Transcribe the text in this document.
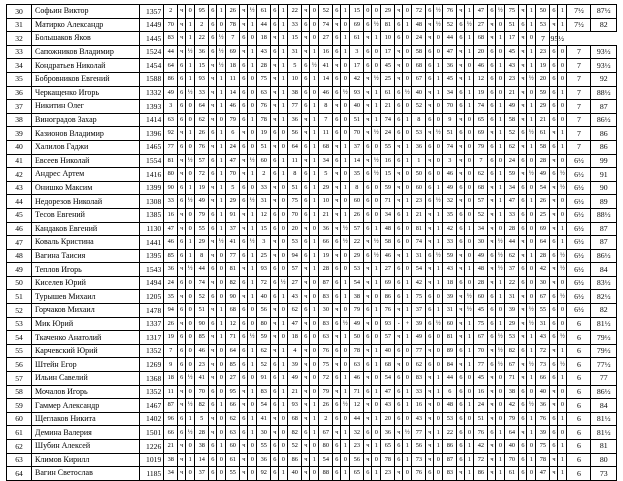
30	Софьин Виктор	1357	2	ч	0	95	6	1	26	ч	½	61	6	1	22	ч	0	52	6	1	15	0	0	29	ч	0	72	6	½	76	ч	1	47	6	½	75	ч	1	50	6	1	7½	87½
31	Матирко Александр	1449	70	ч	1	2	6	0	78	ч	1	44	6	1	33	6	0	74	ч	0	69	6	½	81	6	1	48	ч	½	52	6	½	27	ч	0	51	6	1	53	ч	1	7½	82
32	Большаков Яков	1445	83	ч	1	22	6	½	7	6	0	18	ч	1	15	ч	0	27	6	1	61	ч	1	10	6	0	24	ч	0	44	6	1	68	ч	1	17	ч	0	7	95½			
33	Сапожников Владимир	1524	44	ч	½	36	6	½	69	ч	1	43	6	1	31	ч	1	16	6	1	3	6	0	17	ч	0	58	6	0	47	ч	1	20	6	0	45	ч	1	23	6	0	7	93½
34	Кондратьев Николай	1454	64	6	1	15	ч	½	18	6	1	28	ч	1	5	6	½	41	ч	0	17	6	0	45	ч	0	68	6	1	36	ч	0	46	6	1	43	ч	1	19	6	0	7	93½
35	Бобровников Евгений	1588	86	6	1	93	ч	1	11	6	0	75	ч	1	10	6	1	14	6	0	42	ч	½	25	ч	0	67	6	1	45	ч	1	12	6	0	23	ч	½	20	6	0	7	92
36	Черкащенко Игорь	1332	49	6	½	33	ч	1	14	6	0	63	ч	1	38	6	0	46	6	½	93	ч	1	61	6	½	40	ч	1	34	6	1	19	6	0	21	ч	0	59	6	1	7	88½
37	Никитин Олег	1393	3	6	0	64	ч	1	46	6	0	76	ч	1	77	6	1	8	ч	0	40	ч	1	21	6	0	52	ч	0	70	6	1	74	6	1	49	ч	1	29	6	0	7	87
38	Виноградов Захар	1414	63	6	0	62	ч	0	79	6	1	78	ч	1	36	ч	1	7	6	0	51	ч	1	74	6	1	8	6	0	9	ч	0	65	6	1	58	ч	1	21	6	0	7	86½
39	Казионов Владимир	1396	92	ч	1	26	6	1	6	ч	0	19	6	0	56	ч	1	11	6	0	70	ч	½	24	6	0	53	ч	½	51	6	0	69	ч	1	52	6	½	61	ч	1	7	86
40	Халилов Гаджи	1465	77	6	0	76	ч	1	24	6	0	51	ч	0	64	6	1	68	ч	1	37	6	0	55	ч	1	36	6	0	74	ч	0	79	6	1	62	ч	1	58	6	1	7	86
41	Евсеев Николай	1554	81	ч	½	57	6	1	47	ч	½	60	6	1	11	ч	1	34	6	1	14	ч	½	16	6	1	1	ч	0	3	ч	0	7	6	0	24	6	0	28	ч	0	6½	99
42	Андрес Артем	1416	80	ч	0	72	6	1	70	ч	1	2	6	1	8	6	1	5	ч	0	35	6	½	15	ч	0	50	6	0	46	ч	0	62	6	1	59	ч	½	49	6	½	6½	91
43	Онишко Максим	1399	90	6	1	19	ч	1	5	6	0	33	ч	0	51	6	1	29	ч	1	8	6	0	59	ч	0	60	6	1	49	6	0	68	ч	1	34	6	0	54	ч	½	6½	90
44	Недорезов Николай	1308	33	6	½	49	ч	1	29	6	½	31	ч	0	75	6	1	10	ч	0	60	6	0	71	ч	1	23	6	½	32	ч	0	57	ч	1	47	6	1	26	ч	0	6½	89
45	Тесов Евгений	1385	16	ч	0	79	6	1	91	ч	1	12	6	0	70	6	1	21	ч	1	26	6	0	34	6	1	21	ч	1	35	6	0	52	ч	1	33	6	0	25	ч	0	6½	88½
46	Кандаков Евгений	1130	47	ч	0	55	6	1	37	ч	1	15	6	0	20	ч	0	36	ч	½	57	6	1	48	6	0	81	ч	1	42	6	1	34	ч	0	28	6	0	69	ч	1	6½	87
47	Коваль Кристина	1441	46	6	1	29	ч	½	41	6	½	3	ч	0	53	6	1	66	6	½	22	ч	½	58	6	0	74	ч	1	33	6	0	30	ч	½	44	ч	0	64	6	1	6½	87
48	Вагина Таисия	1395	85	6	1	8	ч	0	77	6	1	25	ч	0	94	6	1	19	ч	0	29	6	½	46	ч	1	31	6	½	59	ч	0	49	6	½	62	ч	1	28	6	½	6½	86½
49	Теплов Игорь	1543	36	ч	½	44	6	0	81	ч	1	93	6	0	57	ч	1	28	6	0	53	ч	1	27	6	0	54	ч	1	43	ч	1	48	ч	½	37	6	0	42	ч	½	6½	84
50	Киселев Юрий	1494	24	6	0	74	ч	0	82	6	1	72	6	½	27	ч	0	87	6	1	54	ч	1	69	6	1	42	ч	1	18	6	0	28	ч	1	22	6	0	30	ч	0	6½	83½
51	Турышев Михаил	1205	35	ч	0	52	6	0	90	ч	1	40	6	1	43	ч	0	83	6	1	38	ч	0	86	6	1	75	6	0	39	ч	½	60	6	1	31	ч	0	67	6	½	6½	82½
52	Горчаков Михаил	1478	94	6	0	51	ч	1	68	6	0	56	ч	0	62	6	1	30	ч	0	79	6	1	76	ч	1	37	6	1	31	ч	½	45	6	0	39	ч	½	55	6	0	6½	82
53	Мик Юрий	1337	26	ч	0	90	6	1	12	6	0	80	ч	1	47	ч	0	83	6	½	49	ч	0	93	-	+	39	6	½	60	ч	1	75	6	1	29	ч	½	31	6	0	6	81½
54	Ткаченко Анатолий	1317	19	6	0	85	ч	1	71	6	½	59	ч	0	18	6	0	63	ч	1	50	6	0	57	ч	1	49	6	0	81	ч	1	67	6	½	53	ч	1	43	6	½	6	79½
55	Карчевский Юрий	1352	7	6	0	46	ч	0	64	6	1	62	ч	1	4	ч	0	76	6	0	78	ч	1	40	6	0	77	ч	0	89	6	1	70	ч	½	82	6	1	72	ч	1	6	79½
56	Штейн Егор	1269	9	6	0	23	ч	0	85	6	1	52	6	1	39	ч	0	75	ч	0	63	6	1	68	ч	0	62	6	0	84	ч	1	77	6	½	67	ч	½	73	6	½	6	77½
57	Ильин Савелий	1368	18	6	½	41	ч	0	27	6	0	91	6	1	49	ч	0	72	6	1	46	ч	0	54	6	0	83	ч	1	44	6	0	45	ч	0	71	ч	1	66	6	1	6	77
58	Мочалов Игорь	1352	11	ч	0	70	6	0	95	ч	1	83	6	1	21	ч	0	79	ч	1	71	6	1	47	6	1	33	ч	1	6	6	0	16	ч	0	38	6	0	40	ч	0	6	86½
59	Гаммер Александр	1467	87	ч	½	82	6	1	66	ч	0	54	6	1	93	ч	1	26	6	½	12	ч	0	43	6	1	16	ч	0	48	6	1	24	ч	0	42	6	½	36	ч	0	6	84
60	Щеглаков Никита	1402	96	6	1	5	ч	0	62	6	1	41	ч	0	68	ч	1	2	6	0	44	ч	1	20	6	0	43	ч	0	53	6	0	51	ч	0	79	6	1	76	6	1	6	81½
61	Демина Валерия	1501	66	6	½	28	ч	0	63	6	1	30	ч	0	82	6	1	67	ч	1	32	6	0	36	ч	½	77	ч	1	22	6	0	76	6	1	64	ч	1	39	6	0	6	81½
62	Шубин Алексей	1226	21	ч	0	38	6	1	60	ч	0	55	6	0	52	ч	0	80	6	1	23	ч	1	65	6	1	56	ч	1	86	6	1	42	ч	0	40	6	0	75	6	1	6	81
63	Климов Кирилл	1019	38	ч	1	14	6	0	61	ч	0	36	6	0	86	ч	1	54	6	0	56	ч	0	78	6	1	73	ч	0	87	6	1	72	ч	1	70	6	1	78	ч	1	6	80
64	Вагин Светослав	1185	34	ч	0	37	6	0	55	ч	0	92	6	1	40	ч	0	88	6	1	65	6	1	23	ч	0	76	6	0	83	ч	1	86	ч	1	61	6	0	47	ч	1	6	73
